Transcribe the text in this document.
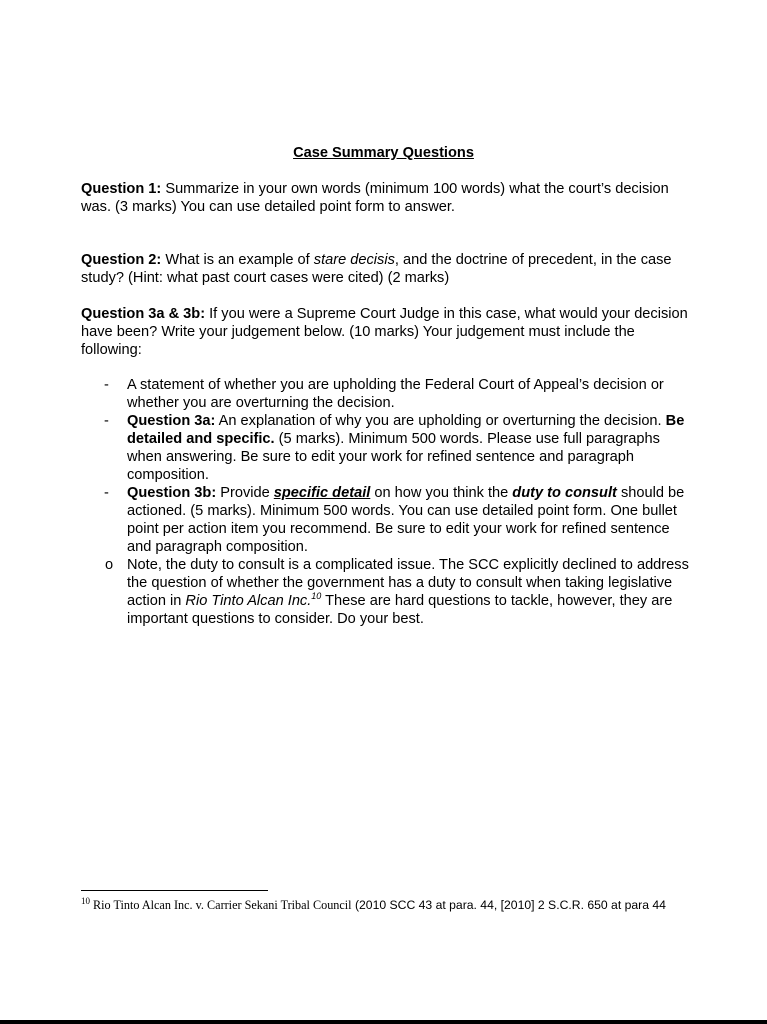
Case Summary Questions
Question 1: Summarize in your own words (minimum 100 words) what the court’s decision was. (3 marks) You can use detailed point form to answer.
Question 2: What is an example of stare decisis, and the doctrine of precedent, in the case study? (Hint: what past court cases were cited) (2 marks)
Question 3a & 3b: If you were a Supreme Court Judge in this case, what would your decision have been? Write your judgement below. (10 marks) Your judgement must include the following:
- A statement of whether you are upholding the Federal Court of Appeal’s decision or whether you are overturning the decision.
- Question 3a: An explanation of why you are upholding or overturning the decision. Be detailed and specific. (5 marks). Minimum 500 words. Please use full paragraphs when answering. Be sure to edit your work for refined sentence and paragraph composition.
- Question 3b: Provide specific detail on how you think the duty to consult should be actioned. (5 marks). Minimum 500 words. You can use detailed point form. One bullet point per action item you recommend. Be sure to edit your work for refined sentence and paragraph composition.
o Note, the duty to consult is a complicated issue. The SCC explicitly declined to address the question of whether the government has a duty to consult when taking legislative action in Rio Tinto Alcan Inc.$^{10}$ These are hard questions to tackle, however, they are important questions to consider. Do your best.
$^{10}$ Rio Tinto Alcan Inc. v. Carrier Sekani Tribal Council (2010 SCC 43 at para. 44, [2010] 2 S.C.R. 650 at para 44
